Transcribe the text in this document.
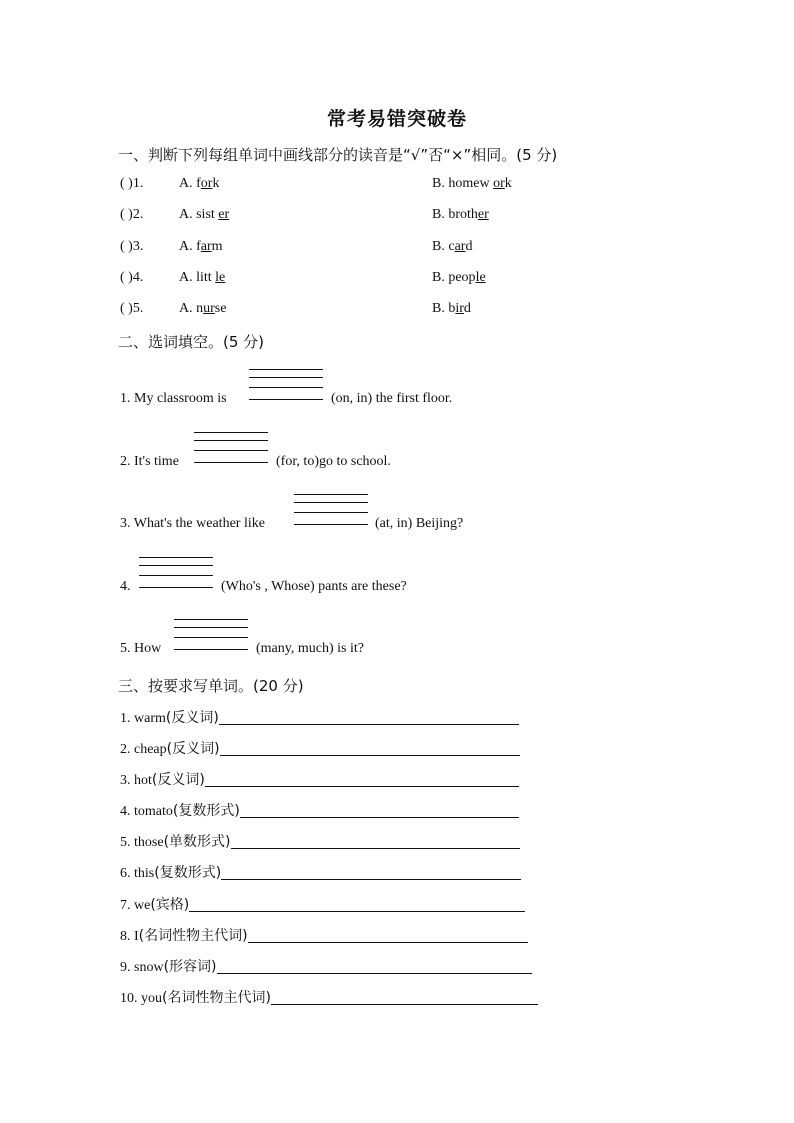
常考易错突破卷
一、判断下列每组单词中画线部分的读音是“√”否“×”相同。(5 分)
( )1.	A. fork	B. homew ork
( )2.	A. sist er	B. brother
( )3.	A. farm	B. card
( )4.	A. litt le	B. people
( )5.	A. nurse	B. bird
二、选词填空。(5 分)
1. My classroom is	(on, in) the first floor.
2. It's time	(for, to)go to school.
3. What's the weather like	(at, in) Beijing?
4.	(Who's , Whose) pants are these?
5. How	(many, much) is it?
三、按要求写单词。(20 分)
1. warm (反义词)
2. cheap (反义词)
3. hot (反义词)
4. tomato (复数形式)
5. those (单数形式)
6. this (复数形式)
7. we (宾格)
8. I (名词性物主代词)
9. snow (形容词)
10. you (名词性物主代词)
